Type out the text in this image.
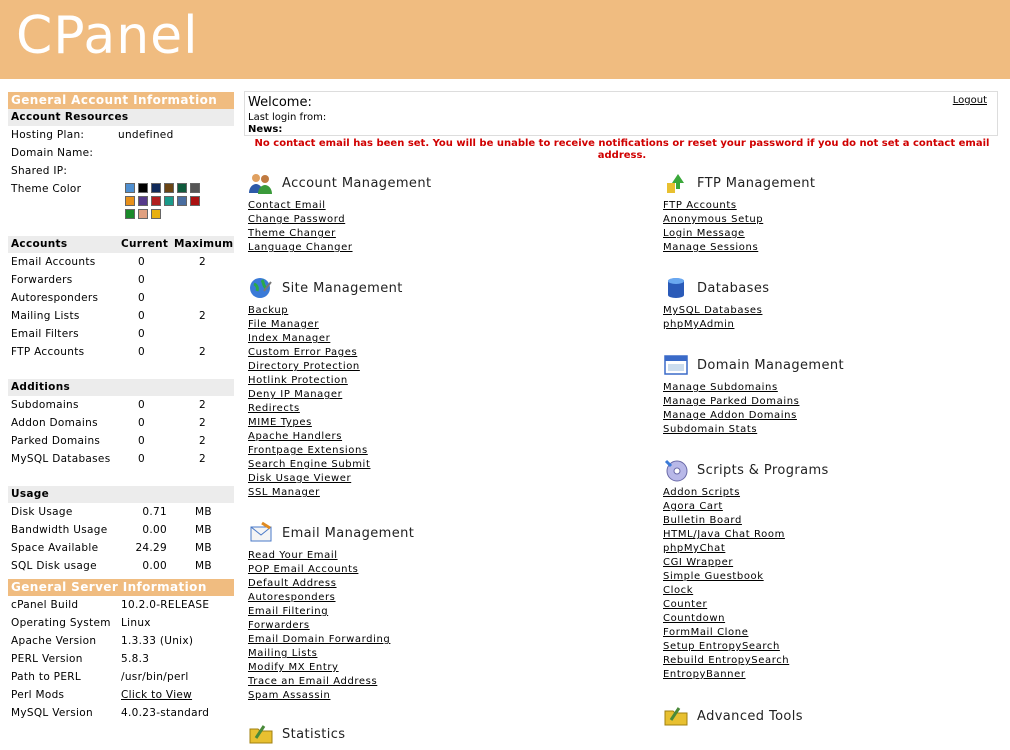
CPanel
General Account Information
Account Resources
Hosting Plan:	undefined
Domain Name:
Shared IP:
Theme Color
Accounts	Current Maximum
Email Accounts	0	2
Forwarders	0
Autoresponders	0
Mailing Lists	0	2
Email Filters	0
FTP Accounts	0	2
Additions
Subdomains	0	2
Addon Domains	0	2
Parked Domains	0	2
MySQL Databases	0	2
Usage
Disk Usage	0.71	MB
Bandwidth Usage	0.00	MB
Space Available	24.29	MB
SQL Disk usage	0.00	MB
General Server Information
cPanel Build	10.2.0-RELEASE
Operating System Linux
Apache Version 1.3.33 (Unix)
PERL Version	5.8.3
Path to PERL	/usr/bin/perl
Perl Mods	Click to View
MySQL Version	4.0.23-standard
Welcome:
Last login from:
News:
Logout
No contact email has been set. You will be unable to receive notifications or reset your password if you do not set a contact email address.
Account Management
Contact Email
Change Password
Theme Changer
Language Changer
Site Management
Backup
File Manager
Index Manager
Custom Error Pages
Directory Protection
Hotlink Protection
Deny IP Manager
Redirects
MIME Types
Apache Handlers
Frontpage Extensions
Search Engine Submit
Disk Usage Viewer
SSL Manager
Email Management
Read Your Email
POP Email Accounts
Default Address
Autoresponders
Email Filtering
Forwarders
Email Domain Forwarding
Mailing Lists
Modify MX Entry
Trace an Email Address
Spam Assassin
Statistics
FTP Management
FTP Accounts
Anonymous Setup
Login Message
Manage Sessions
Databases
MySQL Databases
phpMyAdmin
Domain Management
Manage Subdomains
Manage Parked Domains
Manage Addon Domains
Subdomain Stats
Scripts & Programs
Addon Scripts
Agora Cart
Bulletin Board
HTML/Java Chat Room
phpMyChat
CGI Wrapper
Simple Guestbook
Clock
Counter
Countdown
FormMail Clone
Setup EntropySearch
Rebuild EntropySearch
EntropyBanner
Advanced Tools
